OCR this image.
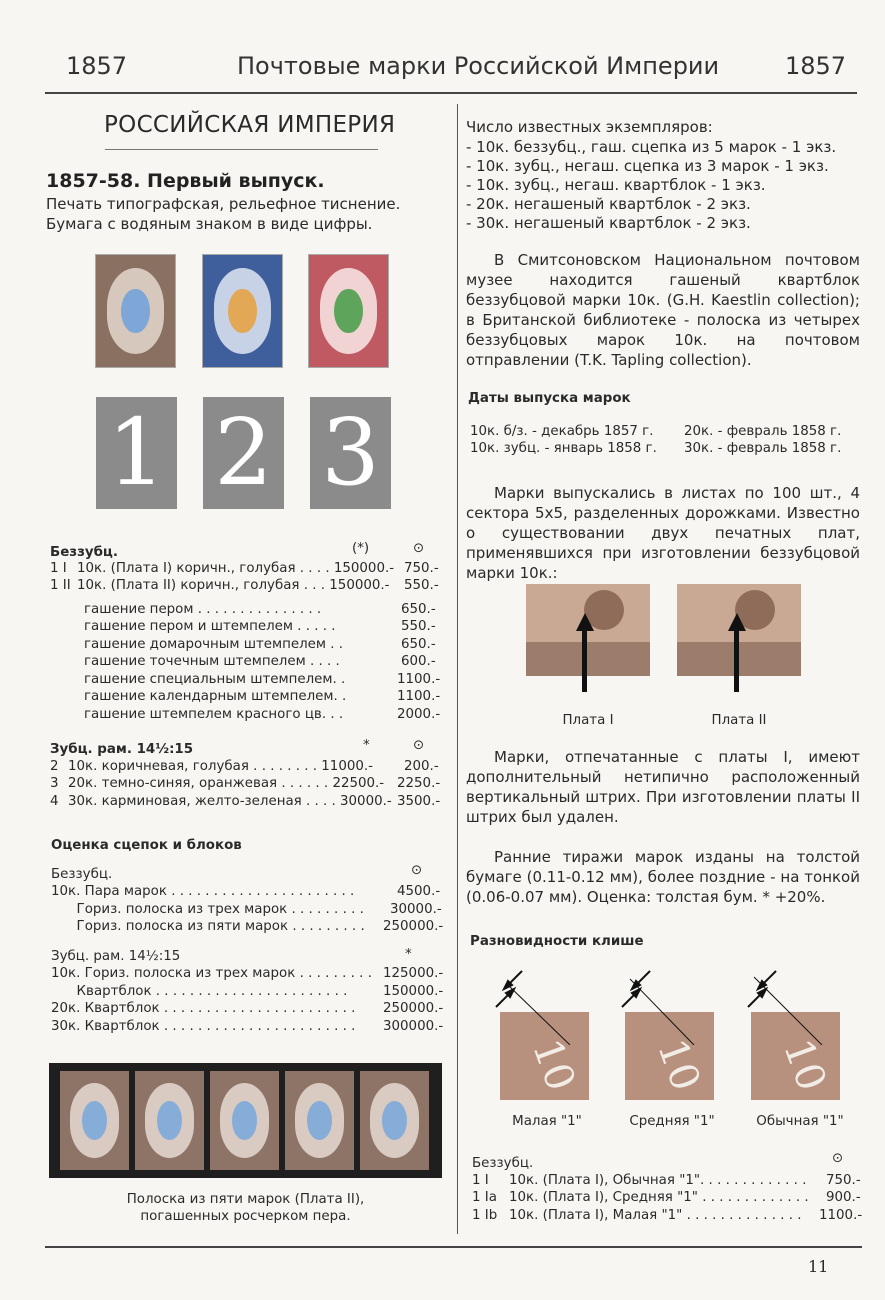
1857	Почтовые марки Российской Империи	1857
РОССИЙСКАЯ ИМПЕРИЯ
1857-58. Первый выпуск.
Печать типографская, рельефное тиснение.
Бумага с водяным знаком в виде цифры.
1 2 3
Беззубц.	(*)	⊙
1 I 10к. (Плата I) коричн., голубая . . . . 150000.- 750.-
1 II 10к. (Плата II) коричн., голубая . . . 150000.- 550.-
гашение пером . . . . . . . . . . . . . . .	650.-
гашение пером и штемпелем . . . . .	550.-
гашение домарочным штемпелем . .	650.-
гашение точечным штемпелем . . . .	600.-
гашение специальным штемпелем. .	1100.-
гашение календарным штемпелем. .	1100.-
гашение штемпелем красного цв. . .	2000.-
Зубц. рам. 14½:15	*	⊙
2 10к. коричневая, голубая . . . . . . . . 11000.- 200.-
3 20к. темно-синяя, оранжевая . . . . . . 22500.- 2250.-
4 30к. карминовая, желто-зеленая . . . . 30000.- 3500.-
Оценка сцепок и блоков
Беззубц.	⊙
10к. Пара марок . . . . . . . . . . . . . . . . . . . . . .	4500.-
Гориз. полоска из трех марок . . . . . . . . . 30000.-
Гориз. полоска из пяти марок . . . . . . . . . 250000.-
Зубц. рам. 14½:15	*
10к. Гориз. полоска из трех марок . . . . . . . . . 125000.-
Квартблок . . . . . . . . . . . . . . . . . . . . . . .	150000.-
20к. Квартблок . . . . . . . . . . . . . . . . . . . . . . . 250000.-
30к. Квартблок . . . . . . . . . . . . . . . . . . . . . . . 300000.-
Полоска из пяти марок (Плата II),
погашенных росчерком пера.
Число известных экземпляров:
- 10к. беззубц., гаш. сцепка из 5 марок - 1 экз.
- 10к. зубц., негаш. сцепка из 3 марок - 1 экз.
- 10к. зубц., негаш. квартблок - 1 экз.
- 20к. негашеный квартблок - 2 экз.
- 30к. негашеный квартблок - 2 экз.
В Смитсоновском Национальном почтовом музее находится гашеный квартблок беззубцовой марки 10к. (G.H. Kaestlin collection); в Британской библиотеке - полоска из четырех беззубцовых марок 10к. на почтовом отправлении (T.K. Tapling collection).
Даты выпуска марок
10к. б/з. - декабрь 1857 г. 20к. - февраль 1858 г.
10к. зубц. - январь 1858 г. 30к. - февраль 1858 г.
Марки выпускались в листах по 100 шт., 4 сектора 5x5, разделенных дорожками. Известно о существовании двух печатных плат, применявшихся при изготовлении беззубцовой марки 10к.:
Плата I	Плата II
Марки, отпечатанные с платы I, имеют дополнительный нетипично расположенный вертикальный штрих. При изготовлении платы II штрих был удален.
Ранние тиражи марок изданы на толстой бумаге (0.11-0.12 мм), более поздние - на тонкой (0.06-0.07 мм). Оценка: толстая бум. * +20%.
Разновидности клише
10 10 10
Малая "1"	Средняя "1"	Обычная "1"
Беззубц.	⊙
1 I 10к. (Плата I), Обычная "1". . . . . . . . . . . . . 750.-
1 Ia 10к. (Плата I), Средняя "1" . . . . . . . . . . . . . 900.-
1 Ib 10к. (Плата I), Малая "1" . . . . . . . . . . . . . . 1100.-
11
